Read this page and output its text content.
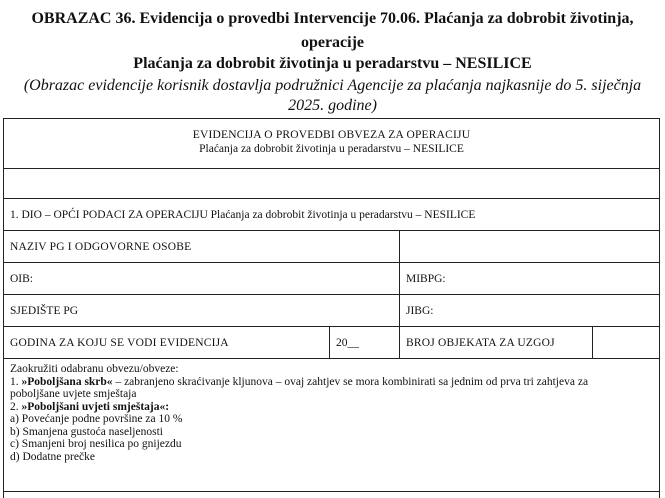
OBRAZAC 36. Evidencija o provedbi Intervencije 70.06. Plaćanja za dobrobit životinja,
operacije
Plaćanja za dobrobit životinja u peradarstvu – NESILICE
(Obrazac evidencije korisnik dostavlja podružnici Agencije za plaćanja najkasnije do 5. siječnja
2025. godine)
EVIDENCIJA O PROVEDBI OBVEZA ZA OPERACIJU
Plaćanja za dobrobit životinja u peradarstvu – NESILICE
1. DIO – OPĆI PODACI ZA OPERACIJU Plaćanja za dobrobit životinja u peradarstvu – NESILICE
NAZIV PG I ODGOVORNE OSOBE
OIB:	MIBPG:
SJEDIŠTE PG	JIBG:
GODINA ZA KOJU SE VODI EVIDENCIJA	20__	BROJ OBJEKATA ZA UZGOJ
Zaokružiti odabranu obvezu/obveze:
1. »Poboljšana skrb« – zabranjeno skraćivanje kljunova – ovaj zahtjev se mora kombinirati sa jednim od prva tri zahtjeva za
poboljšane uvjete smještaja
2. »Poboljšani uvjeti smještaja«:
a) Povećanje podne površine za 10 %
b) Smanjena gustoća naseljenosti
c) Smanjeni broj nesilica po gnijezdu
d) Dodatne prečke
